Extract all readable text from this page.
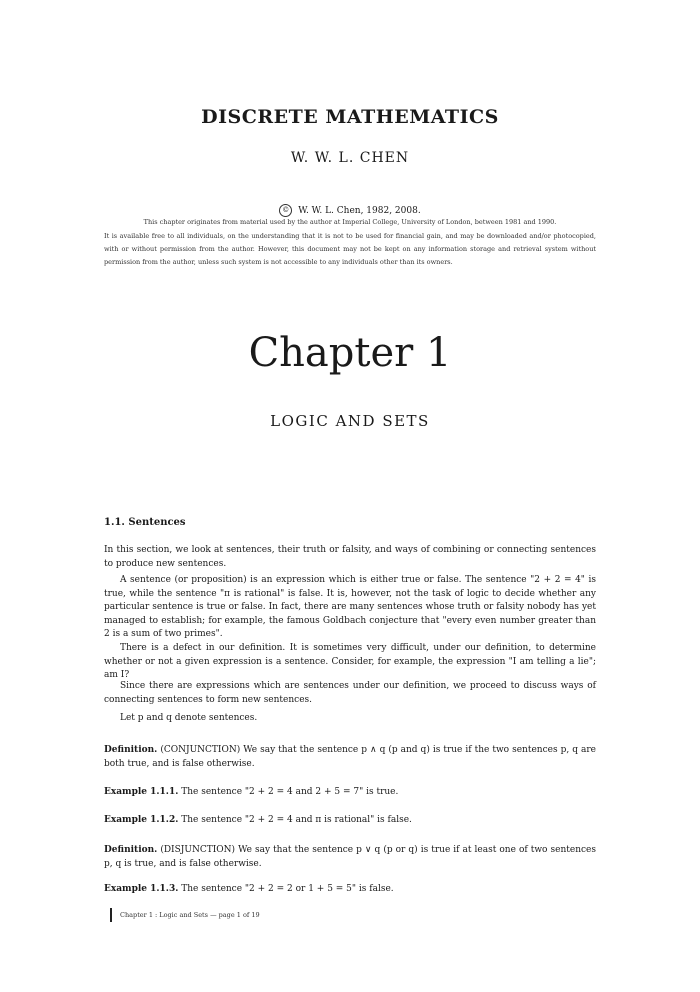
DISCRETE MATHEMATICS
W. W. L. CHEN
© W. W. L. Chen, 1982, 2008.
This chapter originates from material used by the author at Imperial College, University of London, between 1981 and 1990.
It is available free to all individuals, on the understanding that it is not to be used for financial gain, and may be downloaded and/or photocopied, with or without permission from the author. However, this document may not be kept on any information storage and retrieval system without permission from the author, unless such system is not accessible to any individuals other than its owners.
Chapter 1
LOGIC AND SETS
1.1. Sentences
In this section, we look at sentences, their truth or falsity, and ways of combining or connecting sentences to produce new sentences.
A sentence (or proposition) is an expression which is either true or false. The sentence "2 + 2 = 4" is true, while the sentence "π is rational" is false. It is, however, not the task of logic to decide whether any particular sentence is true or false. In fact, there are many sentences whose truth or falsity nobody has yet managed to establish; for example, the famous Goldbach conjecture that "every even number greater than 2 is a sum of two primes".
There is a defect in our definition. It is sometimes very difficult, under our definition, to determine whether or not a given expression is a sentence. Consider, for example, the expression "I am telling a lie"; am I?
Since there are expressions which are sentences under our definition, we proceed to discuss ways of connecting sentences to form new sentences.
Let p and q denote sentences.
Definition. (CONJUNCTION) We say that the sentence p ∧ q (p and q) is true if the two sentences p, q are both true, and is false otherwise.
Example 1.1.1. The sentence "2 + 2 = 4 and 2 + 5 = 7" is true.
Example 1.1.2. The sentence "2 + 2 = 4 and π is rational" is false.
Definition. (DISJUNCTION) We say that the sentence p ∨ q (p or q) is true if at least one of two sentences p, q is true, and is false otherwise.
Example 1.1.3. The sentence "2 + 2 = 2 or 1 + 5 = 5" is false.
Chapter 1 : Logic and Sets — page 1 of 19
